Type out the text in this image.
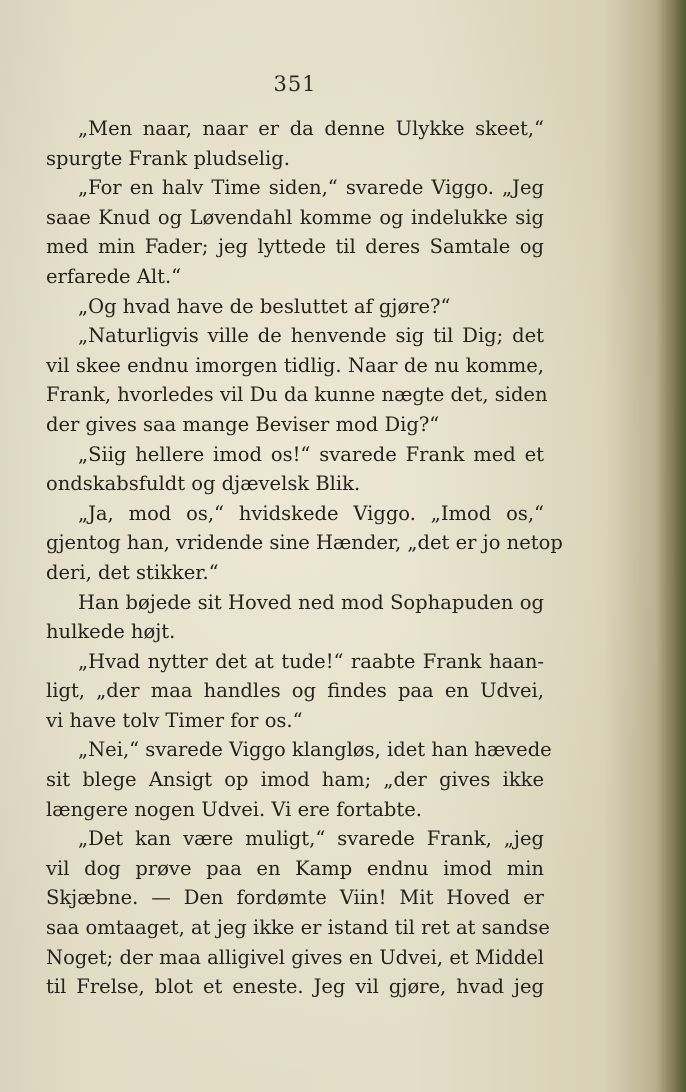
351
„Men naar, naar er da denne Ulykke skeet,“
spurgte Frank pludselig.
„For en halv Time siden,“ svarede Viggo. „Jeg
saae Knud og Løvendahl komme og indelukke sig
med min Fader; jeg lyttede til deres Samtale og
erfarede Alt.“
„Og hvad have de besluttet af gjøre?“
„Naturligvis ville de henvende sig til Dig; det
vil skee endnu imorgen tidlig. Naar de nu komme,
Frank, hvorledes vil Du da kunne nægte det, siden
der gives saa mange Beviser mod Dig?“
„Siig hellere imod os!“ svarede Frank med et
ondskabsfuldt og djævelsk Blik.
„Ja, mod os,“ hvidskede Viggo. „Imod os,“
gjentog han, vridende sine Hænder, „det er jo netop
deri, det stikker.“
Han bøjede sit Hoved ned mod Sophapuden og
hulkede højt.
„Hvad nytter det at tude!“ raabte Frank haan-
ligt, „der maa handles og findes paa en Udvei,
vi have tolv Timer for os.“
„Nei,“ svarede Viggo klangløs, idet han hævede
sit blege Ansigt op imod ham; „der gives ikke
længere nogen Udvei. Vi ere fortabte.
„Det kan være muligt,“ svarede Frank, „jeg
vil dog prøve paa en Kamp endnu imod min
Skjæbne. — Den fordømte Viin! Mit Hoved er
saa omtaaget, at jeg ikke er istand til ret at sandse
Noget; der maa alligivel gives en Udvei, et Middel
til Frelse, blot et eneste. Jeg vil gjøre, hvad jeg
